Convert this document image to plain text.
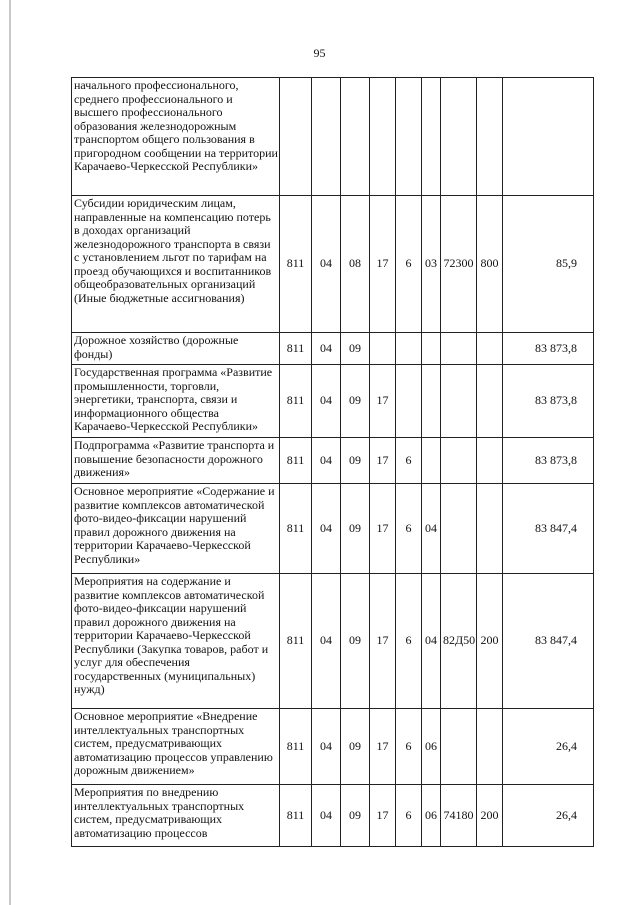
95
начального профессионального, среднего профессионального и высшего профессионального образования железнодорожным транспортом общего пользования в пригородном сообщении на территории Карачаево-Черкесской Республики»									
Субсидии юридическим лицам, направленные на компенсацию потерь в доходах организаций железнодорожного транспорта в связи с установлением льгот по тарифам на проезд обучающихся и воспитанников общеобразовательных организаций (Иные бюджетные ассигнования)	811	04	08	17	6	03	72300	800	85,9
Дорожное хозяйство (дорожные фонды)	811	04	09						83 873,8
Государственная программа «Развитие промышленности, торговли, энергетики, транспорта, связи и информационного общества Карачаево-Черкесской Республики»	811	04	09	17					83 873,8
Подпрограмма «Развитие транспорта и повышение безопасности дорожного движения»	811	04	09	17	6				83 873,8
Основное мероприятие «Содержание и развитие комплексов автоматической фото-видео-фиксации нарушений правил дорожного движения на территории Карачаево-Черкесской Республики»	811	04	09	17	6	04			83 847,4
Мероприятия на содержание и развитие комплексов автоматической фото-видео-фиксации нарушений правил дорожного движения на территории Карачаево-Черкесской Республики (Закупка товаров, работ и услуг для обеспечения государственных (муниципальных) нужд)	811	04	09	17	6	04	82Д50	200	83 847,4
Основное мероприятие «Внедрение интеллектуальных транспортных систем, предусматривающих автоматизацию процессов управлению дорожным движением»	811	04	09	17	6	06			26,4
Мероприятия по внедрению интеллектуальных транспортных систем, предусматривающих автоматизацию процессов	811	04	09	17	6	06	74180	200	26,4
